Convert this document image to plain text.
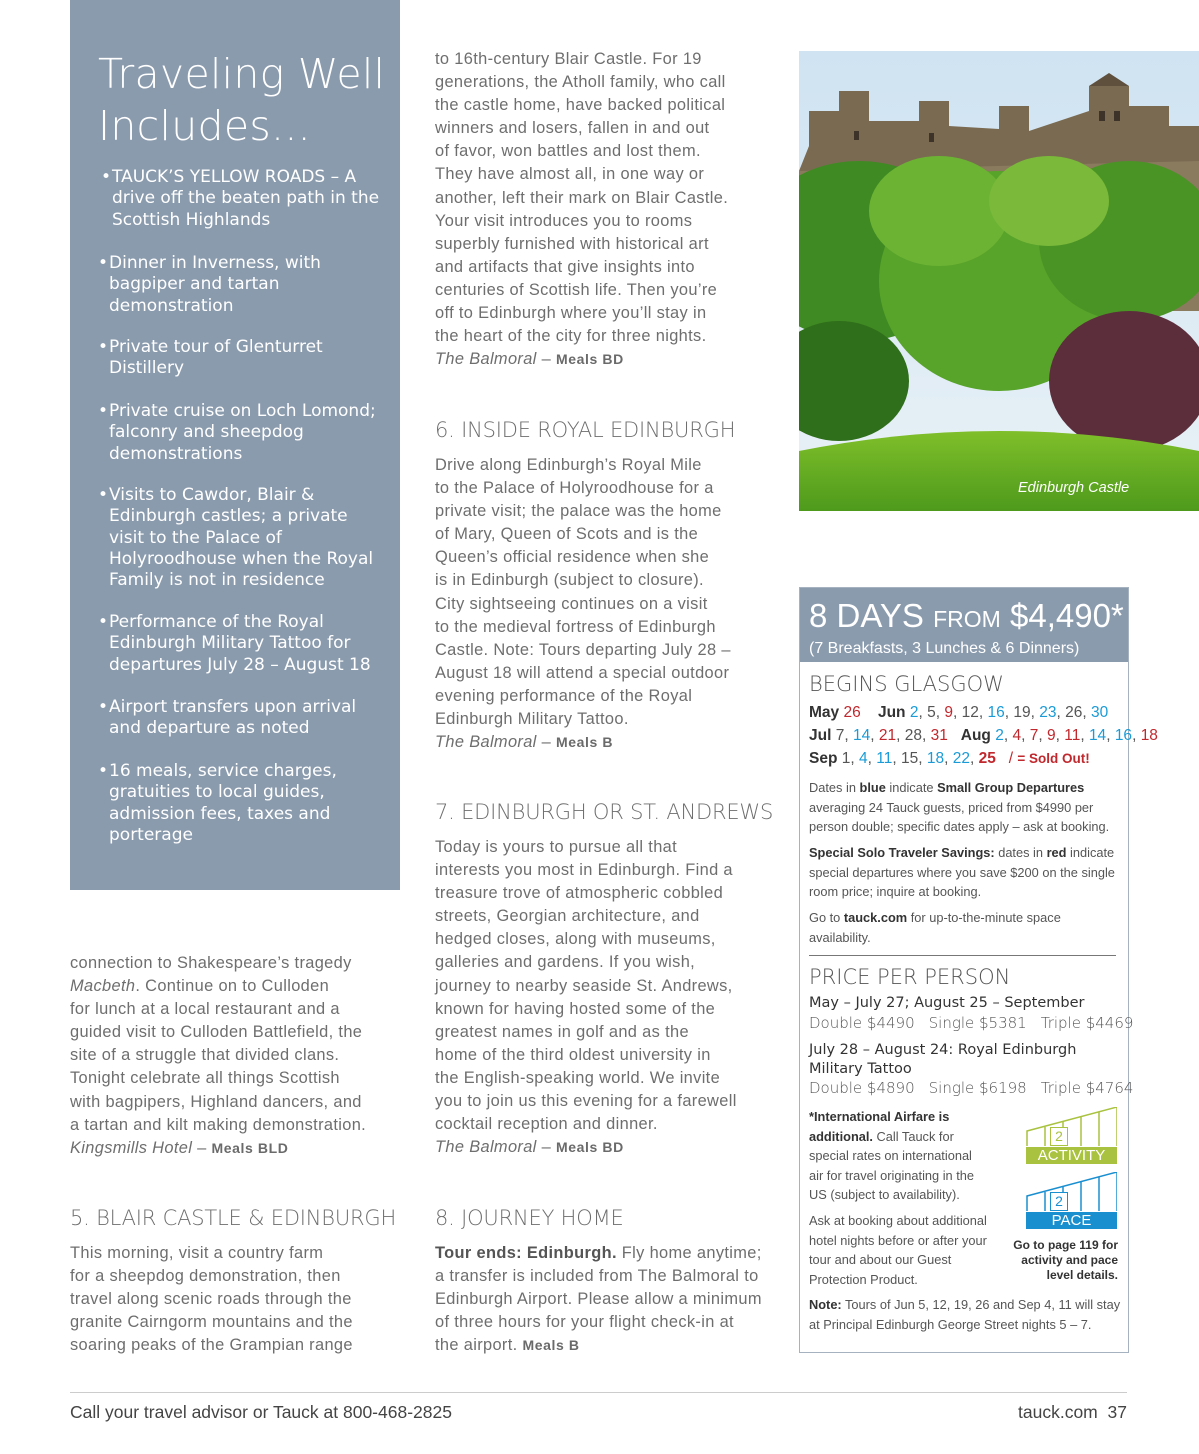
Traveling Well
Includes...
• TAUCK’S YELLOW ROADS – A drive off the beaten path in the Scottish Highlands
• Dinner in Inverness, with bagpiper and tartan demonstration
• Private tour of Glenturret Distillery
• Private cruise on Loch Lomond; falconry and sheepdog demonstrations
• Visits to Cawdor, Blair & Edinburgh castles; a private visit to the Palace of Holyroodhouse when the Royal Family is not in residence
• Performance of the Royal Edinburgh Military Tattoo for departures July 28 – August 18
• Airport transfers upon arrival and departure as noted
• 16 meals, service charges, gratuities to local guides, admission fees, taxes and porterage
connection to Shakespeare’s tragedy
Macbeth. Continue on to Culloden
for lunch at a local restaurant and a
guided visit to Culloden Battlefield, the
site of a struggle that divided clans.
Tonight celebrate all things Scottish
with bagpipers, Highland dancers, and
a tartan and kilt making demonstration.
Kingsmills Hotel – Meals BLD
5. BLAIR CASTLE & EDINBURGH
This morning, visit a country farm
for a sheepdog demonstration, then
travel along scenic roads through the
granite Cairngorm mountains and the
soaring peaks of the Grampian range
to 16th-century Blair Castle. For 19
generations, the Atholl family, who call
the castle home, have backed political
winners and losers, fallen in and out
of favor, won battles and lost them.
They have almost all, in one way or
another, left their mark on Blair Castle.
Your visit introduces you to rooms
superbly furnished with historical art
and artifacts that give insights into
centuries of Scottish life. Then you’re
off to Edinburgh where you’ll stay in
the heart of the city for three nights.
The Balmoral – Meals BD
6. INSIDE ROYAL EDINBURGH
Drive along Edinburgh’s Royal Mile
to the Palace of Holyroodhouse for a
private visit; the palace was the home
of Mary, Queen of Scots and is the
Queen’s official residence when she
is in Edinburgh (subject to closure).
City sightseeing continues on a visit
to the medieval fortress of Edinburgh
Castle. Note: Tours departing July 28 –
August 18 will attend a special outdoor
evening performance of the Royal
Edinburgh Military Tattoo.
The Balmoral – Meals B
7. EDINBURGH OR ST. ANDREWS
Today is yours to pursue all that
interests you most in Edinburgh. Find a
treasure trove of atmospheric cobbled
streets, Georgian architecture, and
hedged closes, along with museums,
galleries and gardens. If you wish,
journey to nearby seaside St. Andrews,
known for having hosted some of the
greatest names in golf and as the
home of the third oldest university in
the English-speaking world. We invite
you to join us this evening for a farewell
cocktail reception and dinner.
The Balmoral – Meals BD
8. JOURNEY HOME
Tour ends: Edinburgh. Fly home anytime;
a transfer is included from The Balmoral to
Edinburgh Airport. Please allow a minimum
of three hours for your flight check-in at
the airport. Meals B
Edinburgh Castle
8 DAYS FROM $4,490*
(7 Breakfasts, 3 Lunches & 6 Dinners)
BEGINS GLASGOW
May 26 Jun 2, 5, 9, 12, 16, 19, 23, 26, 30
Jul 7, 14, 21, 28, 31 Aug 2, 4, 7, 9, 11, 14, 16, 18
Sep 1, 4, 11, 15, 18, 22, 25 / = Sold Out!
Dates in blue indicate Small Group Departures averaging 24 Tauck guests, priced from $4990 per person double; specific dates apply – ask at booking.
Special Solo Traveler Savings: dates in red indicate special departures where you save $200 on the single room price; inquire at booking.
Go to tauck.com for up-to-the-minute space availability.
PRICE PER PERSON
May – July 27; August 25 – September
Double $4490 Single $5381 Triple $4469
July 28 – August 24: Royal Edinburgh Military Tattoo
Double $4890 Single $6198 Triple $4764
*International Airfare is additional. Call Tauck for special rates on international air for travel originating in the US (subject to availability).
Ask at booking about additional hotel nights before or after your tour and about our Guest Protection Product.
2
ACTIVITY
2
PACE
Go to page 119 for activity and pace level details.
Note: Tours of Jun 5, 12, 19, 26 and Sep 4, 11 will stay at Principal Edinburgh George Street nights 5 – 7.
Call your travel advisor or Tauck at 800-468-2825	tauck.com 37
